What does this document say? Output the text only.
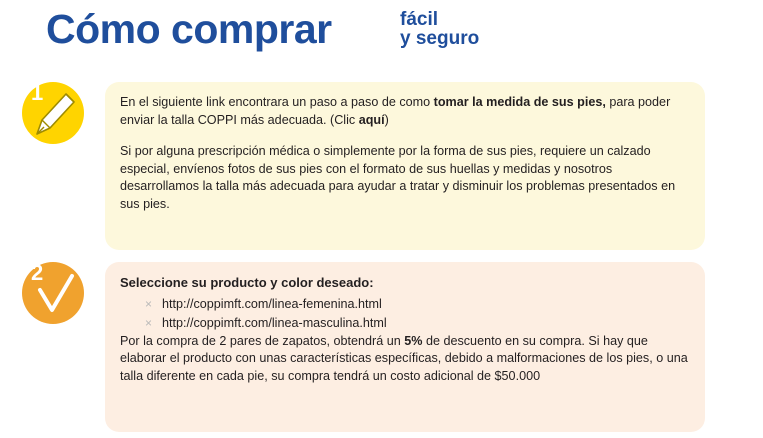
Cómo comprar	fácil
y seguro
1	En el siguiente link encontrara un paso a paso de como tomar la medida de sus pies, para poder enviar la talla COPPI más adecuada. (Clic aquí)

Si por alguna prescripción médica o simplemente por la forma de sus pies, requiere un calzado especial, envíenos fotos de sus pies con el formato de sus huellas y medidas y nosotros desarrollamos la talla más adecuada para ayudar a tratar y disminuir los problemas presentados en sus pies.

2	Seleccione su producto y color deseado:

× http://coppimft.com/linea-femenina.html
× http://coppimft.com/linea-masculina.html

Por la compra de 2 pares de zapatos, obtendrá un 5% de descuento en su compra. Si hay que elaborar el producto con unas características específicas, debido a malformaciones de los pies, o una talla diferente en cada pie, su compra tendrá un costo adicional de $50.000
